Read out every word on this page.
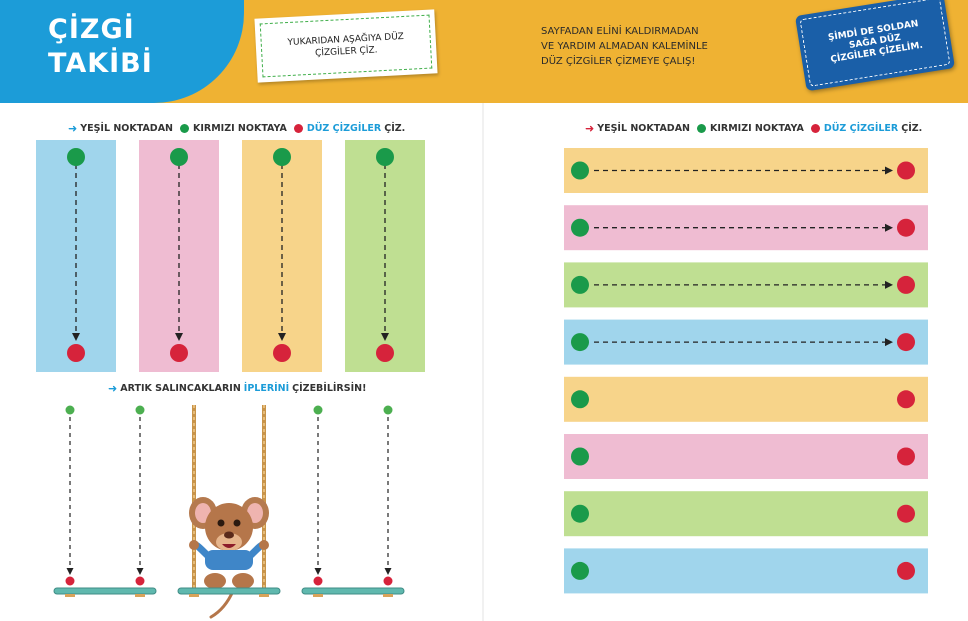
ÇİZGİ
TAKİBİ
YUKARIDAN AŞAĞIYA DÜZ ÇİZGİLER ÇİZ.
SAYFADAN ELİNİ KALDIRMADAN
VE YARDIM ALMADAN KALEMİNLE
DÜZ ÇİZGİLER ÇİZMEYE ÇALIŞ!
ŞİMDİ DE SOLDAN SAĞA DÜZ ÇİZGİLER ÇİZELİM.
➜ YEŞİL NOKTADAN KIRMIZI NOKTAYA DÜZ ÇİZGİLER ÇİZ.
➜ ARTIK SALINCAKLARIN İPLERİNİ ÇİZEBİLİRSİN!
➜ YEŞİL NOKTADAN KIRMIZI NOKTAYA DÜZ ÇİZGİLER ÇİZ.
